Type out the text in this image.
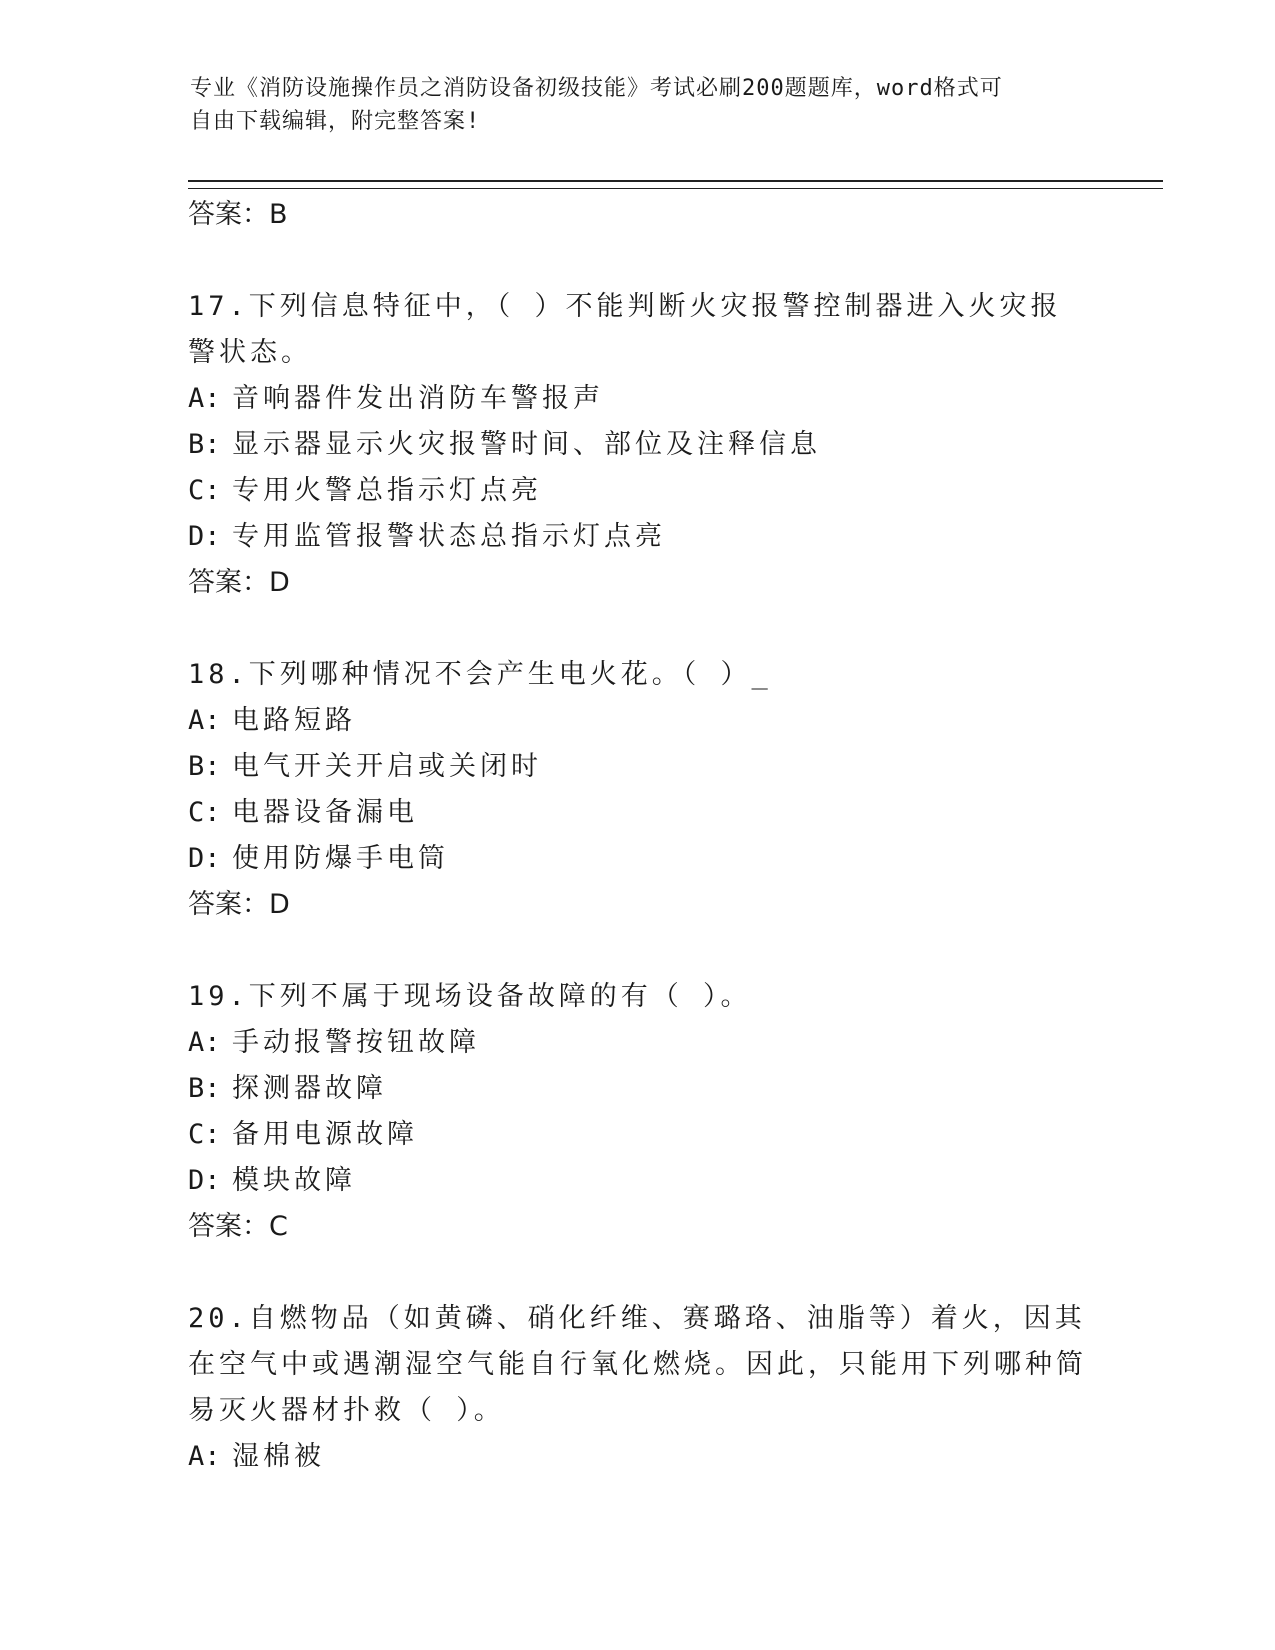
专业《消防设施操作员之消防设备初级技能》考试必刷200题题库，word格式可
自由下载编辑，附完整答案!
答案：B
17.下列信息特征中，（ ）不能判断火灾报警控制器进入火灾报警状态。
A: 音响器件发出消防车警报声
B: 显示器显示火灾报警时间、部位及注释信息
C: 专用火警总指示灯点亮
D: 专用监管报警状态总指示灯点亮
答案：D
18.下列哪种情况不会产生电火花。（ ）_
A: 电路短路
B: 电气开关开启或关闭时
C: 电器设备漏电
D: 使用防爆手电筒
答案：D
19.下列不属于现场设备故障的有（ ）。
A: 手动报警按钮故障
B: 探测器故障
C: 备用电源故障
D: 模块故障
答案：C
20.自燃物品（如黄磷、硝化纤维、赛璐珞、油脂等）着火，因其在空气中或遇潮湿空气能自行氧化燃烧。因此，只能用下列哪种简易灭火器材扑救（ ）。
A: 湿棉被
